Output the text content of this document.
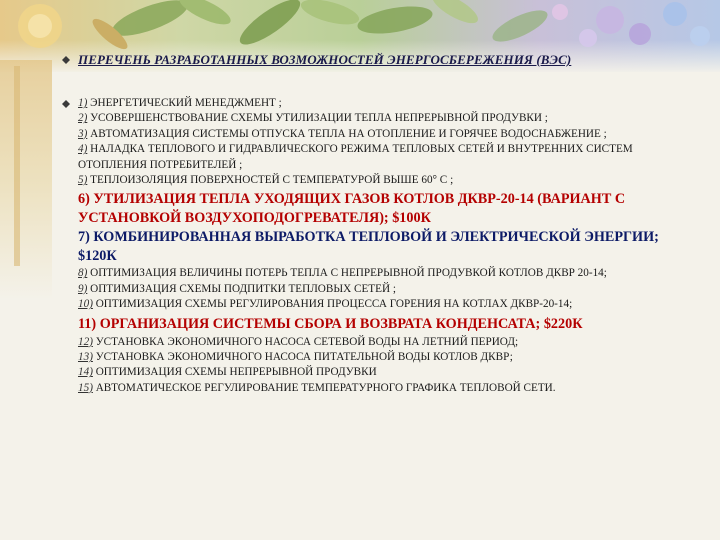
ПЕРЕЧЕНЬ РАЗРАБОТАННЫХ ВОЗМОЖНОСТЕЙ ЭНЕРГОСБЕРЕЖЕНИЯ (ВЭС)
1) ЭНЕРГЕТИЧЕСКИЙ МЕНЕДЖМЕНТ ;
2) УСОВЕРШЕНСТВОВАНИЕ СХЕМЫ УТИЛИЗАЦИИ ТЕПЛА НЕПРЕРЫВНОЙ ПРОДУВКИ ;
3) АВТОМАТИЗАЦИЯ СИСТЕМЫ ОТПУСКА ТЕПЛА НА ОТОПЛЕНИЕ И ГОРЯЧЕЕ ВОДОСНАБЖЕНИЕ ;
4) НАЛАДКА ТЕПЛОВОГО И ГИДРАВЛИЧЕСКОГО РЕЖИМА ТЕПЛОВЫХ СЕТЕЙ И ВНУТРЕННИХ СИСТЕМ ОТОПЛЕНИЯ ПОТРЕБИТЕЛЕЙ ;
5) ТЕПЛОИЗОЛЯЦИЯ ПОВЕРХНОСТЕЙ С ТЕМПЕРАТУРОЙ ВЫШЕ 60° С ;
6) УТИЛИЗАЦИЯ ТЕПЛА УХОДЯЩИХ ГАЗОВ КОТЛОВ ДКВР-20-14 (ВАРИАНТ С УСТАНОВКОЙ ВОЗДУХОПОДОГРЕВАТЕЛЯ); $100К
7) КОМБИНИРОВАННАЯ ВЫРАБОТКА ТЕПЛОВОЙ И ЭЛЕКТРИЧЕСКОЙ ЭНЕРГИИ; $120К
8) ОПТИМИЗАЦИЯ ВЕЛИЧИНЫ ПОТЕРЬ ТЕПЛА С НЕПРЕРЫВНОЙ ПРОДУВКОЙ КОТЛОВ ДКВР 20-14;
9) ОПТИМИЗАЦИЯ СХЕМЫ ПОДПИТКИ ТЕПЛОВЫХ СЕТЕЙ ;
10) ОПТИМИЗАЦИЯ СХЕМЫ РЕГУЛИРОВАНИЯ ПРОЦЕССА ГОРЕНИЯ НА КОТЛАХ ДКВР-20-14;
11) ОРГАНИЗАЦИЯ СИСТЕМЫ СБОРА И ВОЗВРАТА КОНДЕНСАТА; $220К
12) УСТАНОВКА ЭКОНОМИЧНОГО НАСОСА СЕТЕВОЙ ВОДЫ НА ЛЕТНИЙ ПЕРИОД;
13) УСТАНОВКА ЭКОНОМИЧНОГО НАСОСА ПИТАТЕЛЬНОЙ ВОДЫ КОТЛОВ ДКВР;
14) ОПТИМИЗАЦИЯ СХЕМЫ НЕПРЕРЫВНОЙ ПРОДУВКИ
15) АВТОМАТИЧЕСКОЕ РЕГУЛИРОВАНИЕ ТЕМПЕРАТУРНОГО ГРАФИКА ТЕПЛОВОЙ СЕТИ.
